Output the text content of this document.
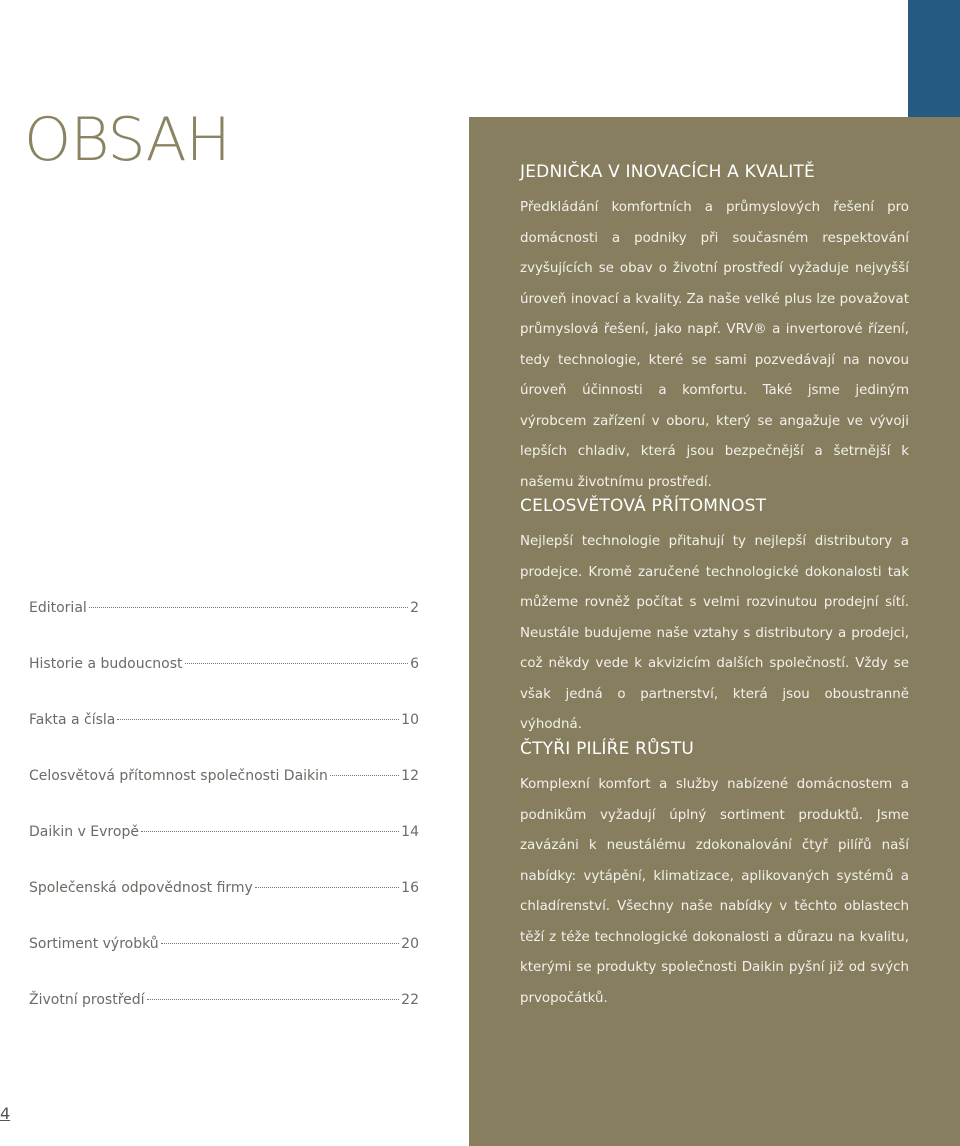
OBSAH	JEDNIČKA V INOVACÍCH A KVALITĚ

Předkládání komfortních a průmyslových řešení pro domácnosti a podniky při současném respektování zvyšujících se obav o životní prostředí vyžaduje nejvyšší úroveň inovací a kvality. Za naše velké plus lze považovat průmyslová řešení, jako např. VRV® a invertorové řízení, tedy technologie, které se sami pozvedávají na novou úroveň účinnosti a komfortu. Také jsme jediným výrobcem zařízení v oboru, který se angažuje ve vývoji lepších chladiv, která jsou bezpečnější a šetrnější k našemu životnímu prostředí.

CELOSVĚTOVÁ PŘÍTOMNOST

Nejlepší technologie přitahují ty nejlepší distributory a prodejce. Kromě zaručené technologické dokonalosti tak můžeme rovněž počítat s velmi rozvinutou prodejní sítí. Neustále budujeme naše vztahy s distributory a prodejci, což někdy vede k akvizicím dalších společností. Vždy se však jedná o partnerství, která jsou oboustranně výhodná.

ČTYŘI PILÍŘE RŮSTU

Komplexní komfort a služby nabízené domácnostem a podnikům vyžadují úplný sortiment produktů. Jsme zavázáni k neustálému zdokonalování čtyř pilířů naší nabídky: vytápění, klimatizace, aplikovaných systémů a chladírenství. Všechny naše nabídky v těchto oblastech těží z téže technologické dokonalosti a důrazu na kvalitu, kterými se produkty společnosti Daikin pyšní již od svých prvopočátků.

Editorial	2
Historie a budoucnost	6
Fakta a čísla	10
Celosvětová přítomnost společnosti Daikin	12
Daikin v Evropě	14
Společenská odpovědnost firmy	16
Sortiment výrobků	20
Životní prostředí	22
4
